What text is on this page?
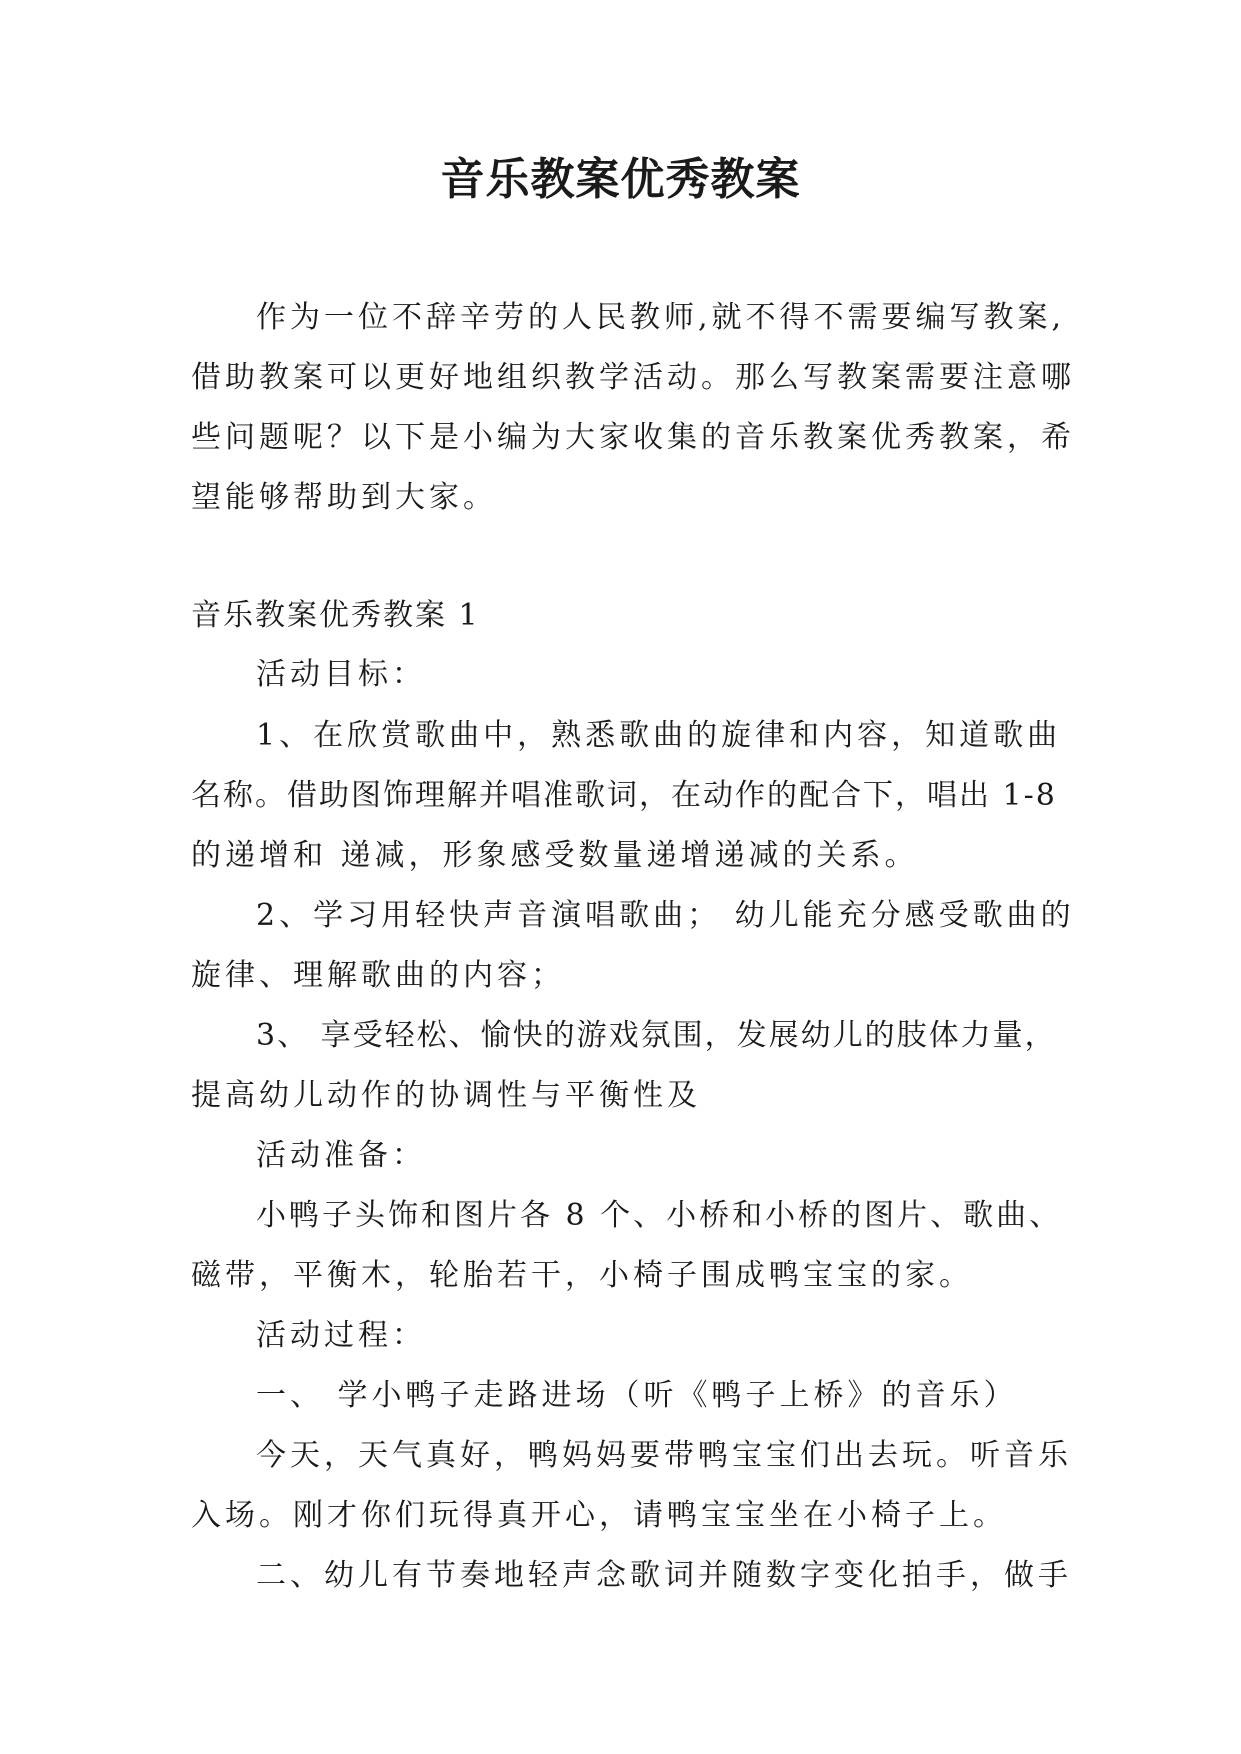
音乐教案优秀教案
作为一位不辞辛劳的人民教师,就不得不需要编写教案,
借助教案可以更好地组织教学活动。那么写教案需要注意哪
些问题呢？以下是小编为大家收集的音乐教案优秀教案，希
望能够帮助到大家。
音乐教案优秀教案 1
活动目标：
1、在欣赏歌曲中，熟悉歌曲的旋律和内容，知道歌曲
名称。借助图饰理解并唱准歌词，在动作的配合下，唱出 1-8
的递增和 递减，形象感受数量递增递减的关系。
2、学习用轻快声音演唱歌曲； 幼儿能充分感受歌曲的
旋律、理解歌曲的内容；
3、 享受轻松、愉快的游戏氛围，发展幼儿的肢体力量，
提高幼儿动作的协调性与平衡性及
活动准备：
小鸭子头饰和图片各 8 个、小桥和小桥的图片、歌曲、
磁带，平衡木，轮胎若干，小椅子围成鸭宝宝的家。
活动过程：
一、 学小鸭子走路进场（听《鸭子上桥》的音乐）
今天，天气真好，鸭妈妈要带鸭宝宝们出去玩。听音乐
入场。刚才你们玩得真开心，请鸭宝宝坐在小椅子上。
二、幼儿有节奏地轻声念歌词并随数字变化拍手，做手
